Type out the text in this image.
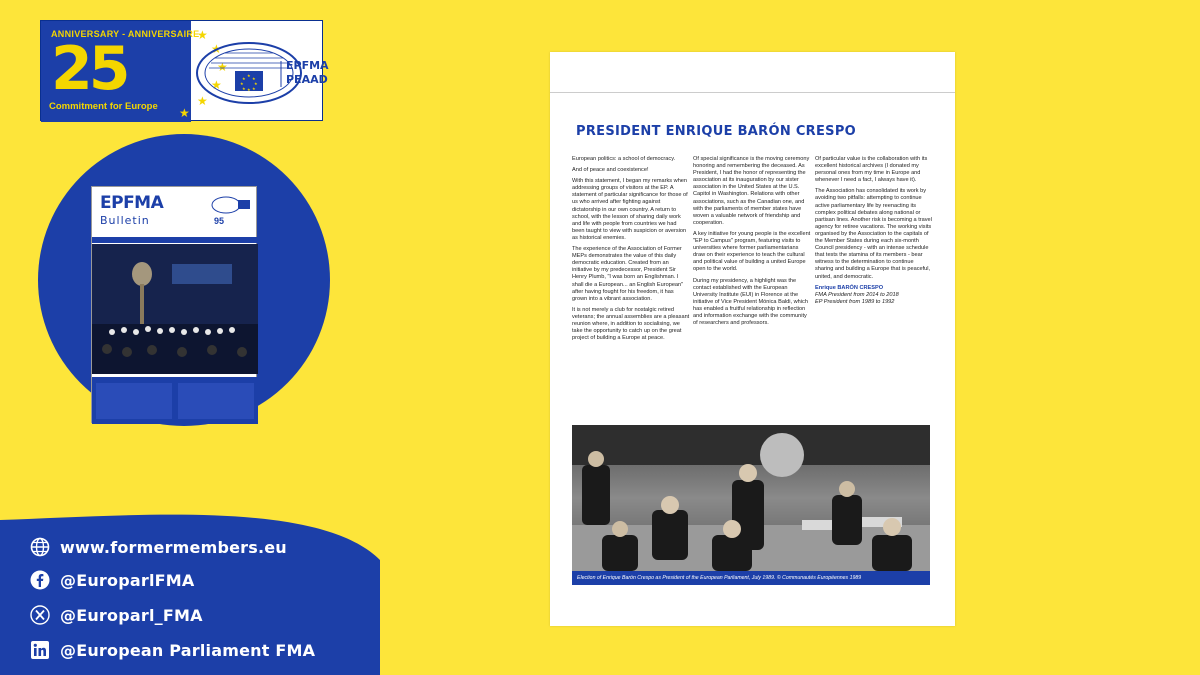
ANNIVERSARY - ANNIVERSAIRE
25
Commitment for Europe
★
★
★
★
★
★
★
★
★
★
★
★
★
★
EPFMA
PEAAD
EPFMA
Bulletin	95
www.formermembers.eu
@EuroparlFMA
@Europarl_FMA
@European Parliament FMA
PRESIDENT ENRIQUE BARÓN CRESPO

European politics: a school of democracy.

And of peace and coexistence!

With this statement, I began my remarks when addressing groups of visitors at the EP. A statement of particular significance for those of us who arrived after fighting against dictatorship in our own country. A return to school, with the lesson of sharing daily work and life with people from countries we had been taught to view with suspicion or aversion as historical enemies.

The experience of the Association of Former MEPs demonstrates the value of this daily democratic education. Created from an initiative by my predecessor, President Sir Henry Plumb, "I was born an Englishman. I shall die a European... an English European" after having fought for his freedom, it has grown into a vibrant association.

It is not merely a club for nostalgic retired veterans; the annual assemblies are a pleasant reunion where, in addition to socialising, we take the opportunity to catch up on the great project of building a Europe at peace.

Of special significance is the moving ceremony honoring and remembering the deceased. As President, I had the honor of representing the association at its inauguration by our sister association in the United States at the U.S. Capitol in Washington. Relations with other associations, such as the Canadian one, and with the parliaments of member states have woven a valuable network of friendship and cooperation.

A key initiative for young people is the excellent "EP to Campus" program, featuring visits to universities where former parliamentarians draw on their experience to teach the cultural and political value of building a united Europe open to the world.

During my presidency, a highlight was the contact established with the European University Institute (EUI) in Florence at the initiative of Vice President Mónica Baldi, which has enabled a fruitful relationship in reflection and information exchange with the community of researchers and professors.

Of particular value is the collaboration with its excellent historical archives (I donated my personal ones from my time in Europe and whenever I need a fact, I always have it).

The Association has consolidated its work by avoiding two pitfalls: attempting to continue active parliamentary life by reenacting its complex political debates along national or partisan lines. Another risk is becoming a travel agency for retiree vacations. The working visits organised by the Association to the capitals of the Member States during each six-month Council presidency - with an intense schedule that tests the stamina of its members - bear witness to the determination to continue sharing and building a Europe that is peaceful, united, and democratic.

Enrique BARÓN CRESPO

FMA President from 2014 to 2018

EP President from 1989 to 1992

Election of Enrique Barón Crespo as President of the European Parliament, July 1989. © Communautés Européennes 1989
